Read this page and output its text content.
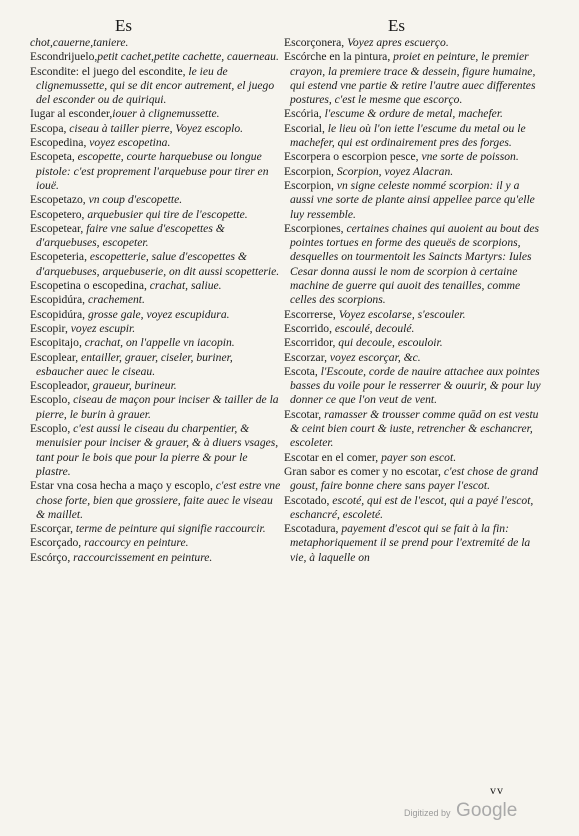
Es	Es
chot,cauerne,taniere.
Escondrijuelo,petit cachet,petite cachette, cauerneau.
Escondite: el juego del escondite, le ieu de clignemussette, qui se dit encor autrement, el juego del esconder ou de quiriqui.
Iugar al esconder,iouer à clignemussette.
Escopa, ciseau à tailler pierre, Voyez escoplo.
Escopedina, voyez escopetina.
Escopeta, escopette, courte harquebuse ou longue pistole: c'est proprement l'arquebuse pour tirer en iouë.
Escopetazo, vn coup d'escopette.
Escopetero, arquebusier qui tire de l'escopette.
Escopetear, faire vne salue d'escopettes & d'arquebuses, escopeter.
Escopeteria, escopetterie, salue d'escopettes & d'arquebuses, arquebuserie, on dit aussi scopetterie.
Escopetina o escopedina, crachat, saliue.
Escopidúra, crachement.
Escopidúra, grosse gale, voyez escupidura.
Escopir, voyez escupir.
Escopitajo, crachat, on l'appelle vn iacopin.
Escoplear, entailler, grauer, ciseler, buriner, esbaucher auec le ciseau.
Escopleador, graueur, burineur.
Escoplo, ciseau de maçon pour inciser & tailler de la pierre, le burin à grauer.
Escoplo, c'est aussi le ciseau du charpentier, & menuisier pour inciser & grauer, & à diuers vsages, tant pour le bois que pour la pierre & pour le plastre.
Estar vna cosa hecha a maço y escoplo, c'est estre vne chose forte, bien que grossiere, faite auec le viseau & maillet.
Escorçar, terme de peinture qui signifie raccourcir.
Escorçado, raccourcy en peinture.
Escórço, raccourcissement en peinture.
Escorçonera, Voyez apres escuerço.
Escórche en la pintura, proiet en peinture, le premier crayon, la premiere trace & dessein, figure humaine, qui estend vne partie & retire l'autre auec differentes postures, c'est le mesme que escorço.
Escória, l'escume & ordure de metal, machefer.
Escorial, le lieu où l'on iette l'escume du metal ou le machefer, qui est ordinairement pres des forges.
Escorpera o escorpion pesce, vne sorte de poisson.
Escorpion, Scorpion, voyez Alacran.
Escorpion, vn signe celeste nommé scorpion: il y a aussi vne sorte de plante ainsi appellee parce qu'elle luy ressemble.
Escorpiones, certaines chaines qui auoient au bout des pointes tortues en forme des queuës de scorpions, desquelles on tourmentoit les Saincts Martyrs: Iules Cesar donna aussi le nom de scorpion à certaine machine de guerre qui auoit des tenailles, comme celles des scorpions.
Escorrerse, Voyez escolarse, s'escouler.
Escorrido, escoulé, decoulé.
Escorridor, qui decoule, escouloir.
Escorzar, voyez escorçar, &c.
Escota, l'Escoute, corde de nauire attachee aux pointes basses du voile pour le resserrer & ouurir, & pour luy donner ce que l'on veut de vent.
Escotar, ramasser & trousser comme quād on est vestu & ceint bien court & iuste, retrencher & eschancrer, escoleter.
Escotar en el comer, payer son escot.
Gran sabor es comer y no escotar, c'est chose de grand goust, faire bonne chere sans payer l'escot.
Escotado, escoté, qui est de l'escot, qui a payé l'escot, eschancré, escoleté.
Escotadura, payement d'escot qui se fait à la fin: metaphoriquement il se prend pour l'extremité de la vie, à laquelle on
vv
Digitized by Google
